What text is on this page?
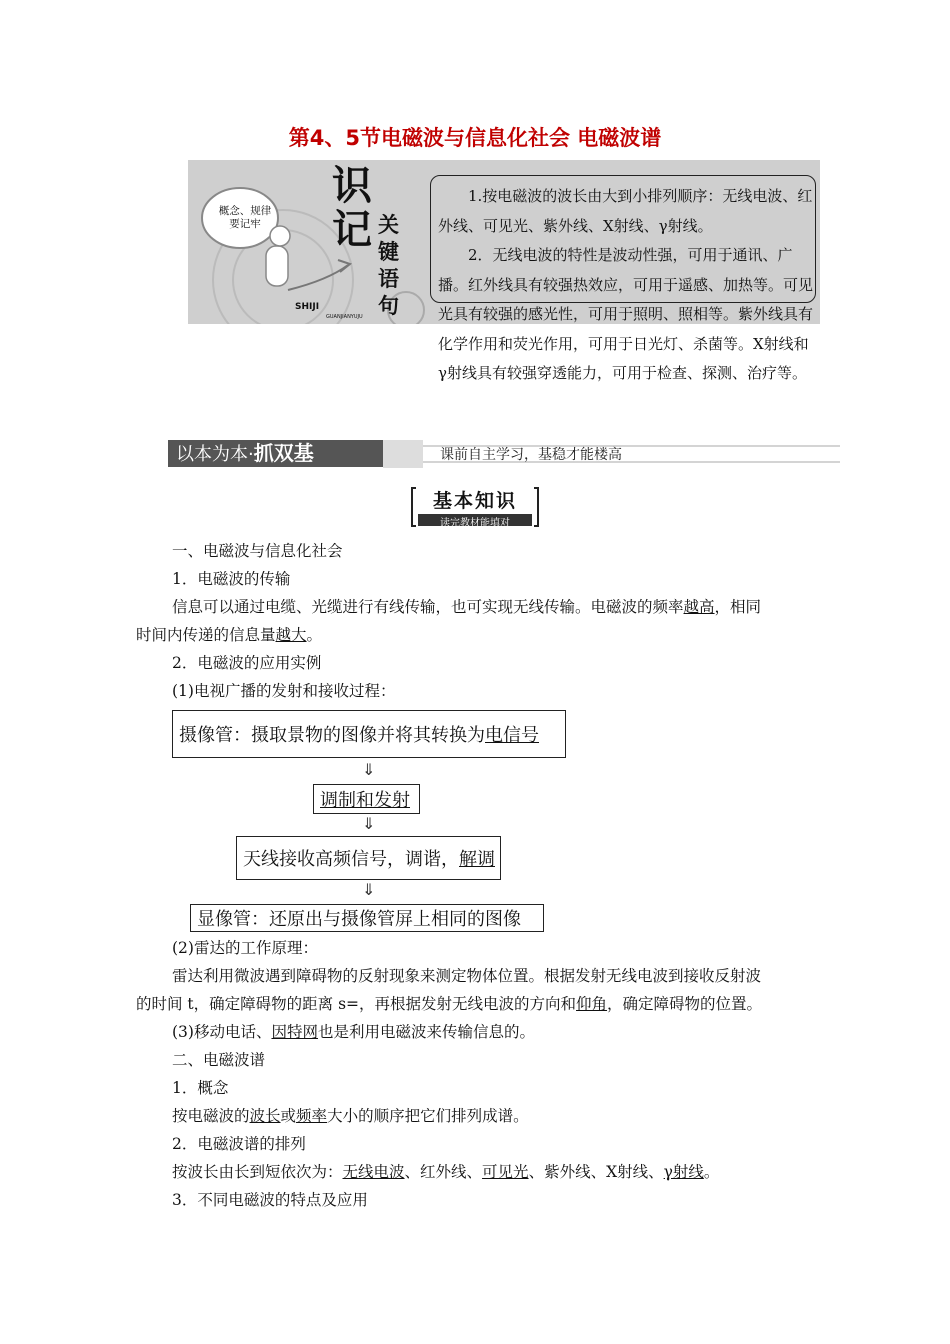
第4、5节电磁波与信息化社会 电磁波谱
概念、规律
要记牢
识
记 关
键
语
句
SHIJI
GUANJIANYUJU

1.按电磁波的波长由大到小排列顺序：无线电波、红外线、可见光、紫外线、X射线、γ射线。

2．无线电波的特性是波动性强，可用于通讯、广播。红外线具有较强热效应，可用于遥感、加热等。可见光具有较强的感光性，可用于照明、照相等。紫外线具有化学作用和荧光作用，可用于日光灯、杀菌等。X射线和γ射线具有较强穿透能力，可用于检查、探测、治疗等。

以本为本·抓双基	课前自主学习，基稳才能楼高
基本知识
读完教材能填对
一、电磁波与信息化社会
1．电磁波的传输
信息可以通过电缆、光缆进行有线传输，也可实现无线传输。电磁波的频率越高，相同
时间内传递的信息量越大。
2．电磁波的应用实例
(1)电视广播的发射和接收过程：
摄像管 ：摄取景物的图像并将其转换为 电信号
⇓
调制和发射
⇓
天线接收高频信号 ，调谐， 解调
⇓
显像管：还原出与摄像管屏上相同的图像
(2)雷达的工作原理：
雷达利用微波遇到障碍物的反射现象来测定物体位置。根据发射无线电波到接收反射波
的时间 t，确定障碍物的距离 s=，再根据发射无线电波的方向和仰角，确定障碍物的位置。
(3)移动电话、因特网也是利用电磁波来传输信息的。
二、电磁波谱
1．概念
按电磁波的波长或频率大小的顺序把它们排列成谱。
2．电磁波谱的排列
按波长由长到短依次为：无线电波、红外线、可见光、紫外线、X射线、γ射线。
3．不同电磁波的特点及应用
